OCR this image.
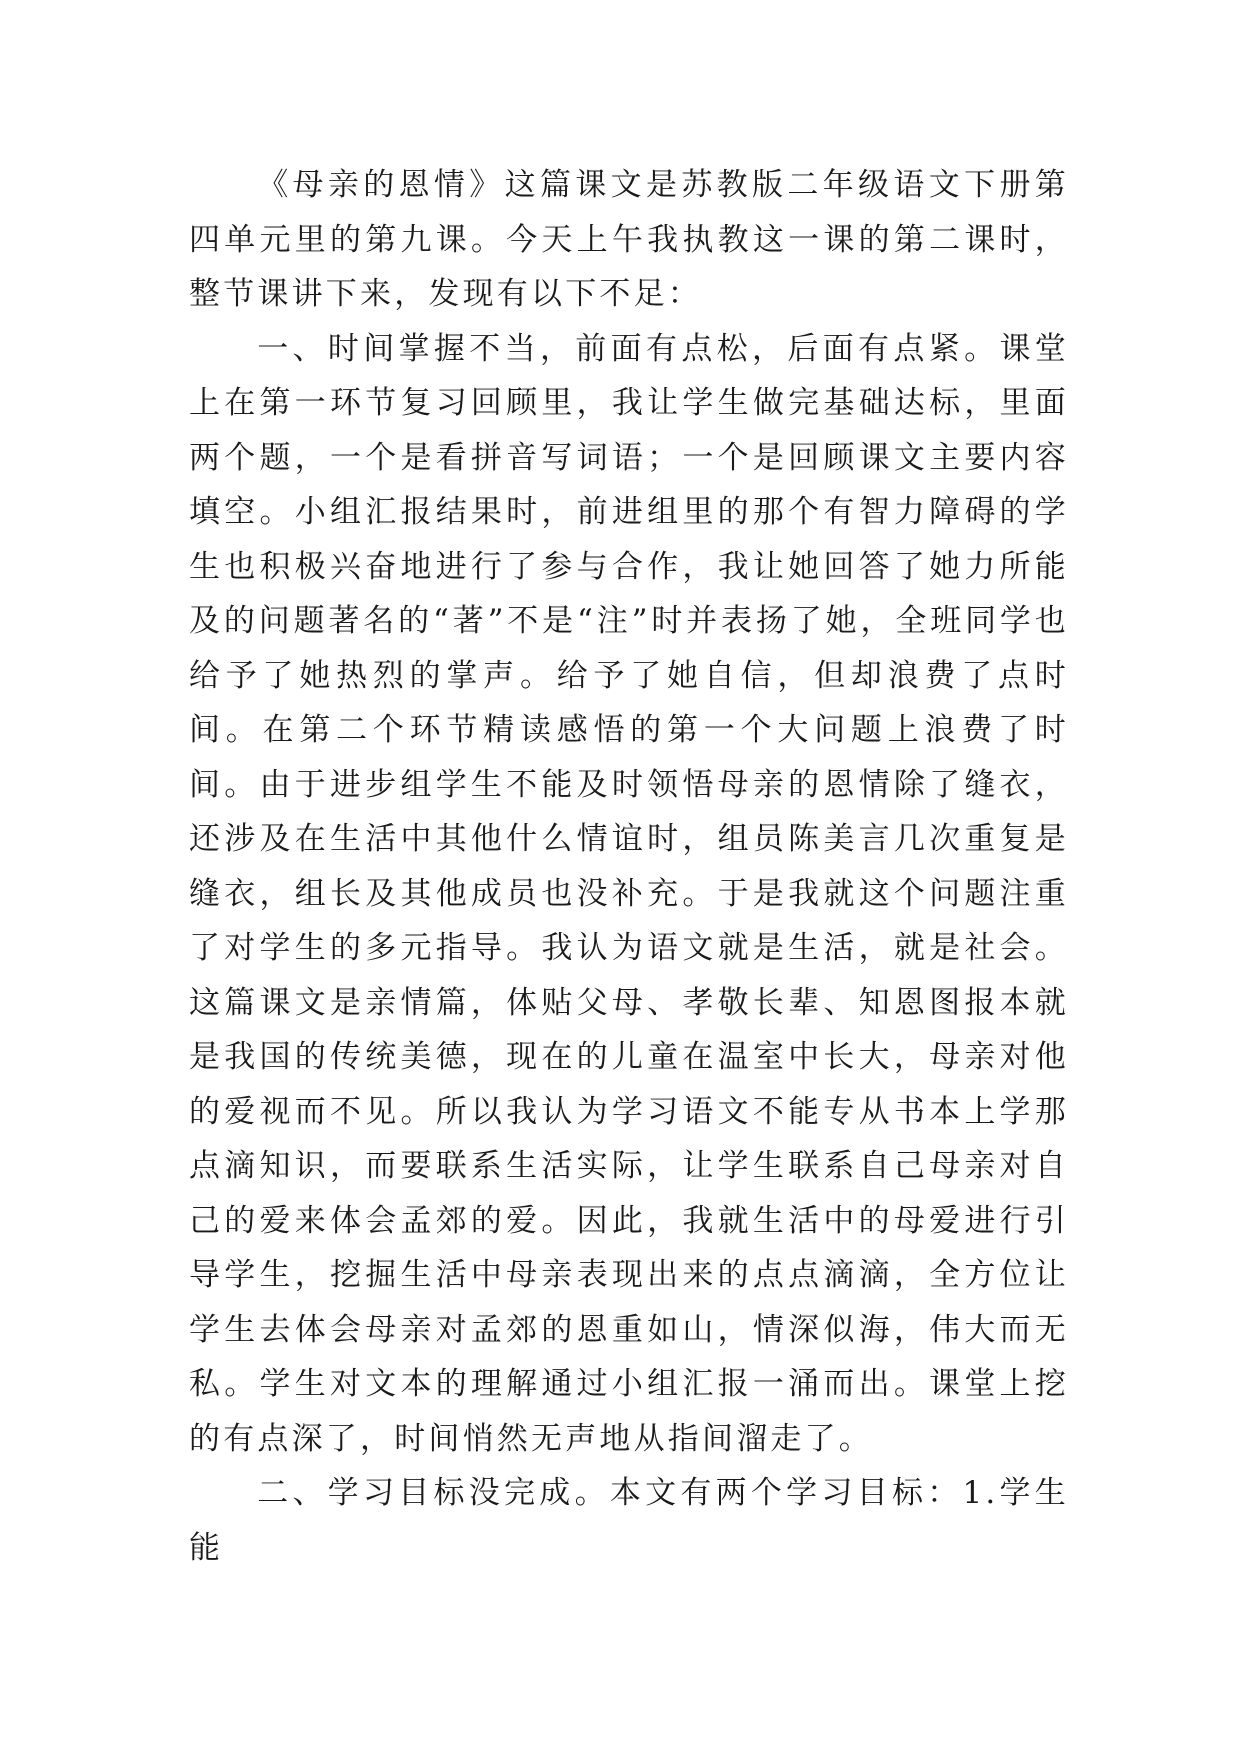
《母亲的恩情》这篇课文是苏教版二年级语文下册第四单元里的第九课。今天上午我执教这一课的第二课时，整节课讲下来，发现有以下不足：

一、时间掌握不当，前面有点松，后面有点紧。课堂上在第一环节复习回顾里，我让学生做完基础达标，里面两个题，一个是看拼音写词语；一个是回顾课文主要内容填空。小组汇报结果时，前进组里的那个有智力障碍的学生也积极兴奋地进行了参与合作，我让她回答了她力所能及的问题著名的“著”不是“注”时并表扬了她，全班同学也给予了她热烈的掌声。给予了她自信，但却浪费了点时间。在第二个环节精读感悟的第一个大问题上浪费了时间。由于进步组学生不能及时领悟母亲的恩情除了缝衣，还涉及在生活中其他什么情谊时，组员陈美言几次重复是缝衣，组长及其他成员也没补充。于是我就这个问题注重了对学生的多元指导。我认为语文就是生活，就是社会。这篇课文是亲情篇，体贴父母、孝敬长辈、知恩图报本就是我国的传统美德，现在的儿童在温室中长大，母亲对他的爱视而不见。所以我认为学习语文不能专从书本上学那点滴知识，而要联系生活实际，让学生联系自己母亲对自己的爱来体会孟郊的爱。因此，我就生活中的母爱进行引导学生，挖掘生活中母亲表现出来的点点滴滴，全方位让学生去体会母亲对孟郊的恩重如山，情深似海，伟大而无私。学生对文本的理解通过小组汇报一涌而出。课堂上挖的有点深了，时间悄然无声地从指间溜走了。

二、学习目标没完成。本文有两个学习目标：1.学生能
